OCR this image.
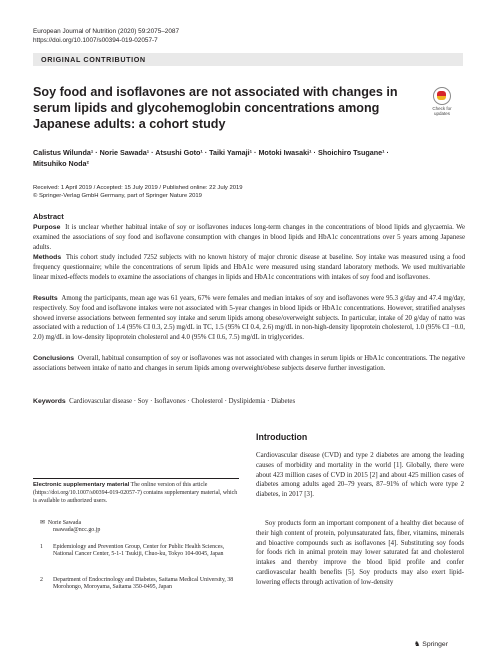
European Journal of Nutrition (2020) 59:2075–2087
https://doi.org/10.1007/s00394-019-02057-7
ORIGINAL CONTRIBUTION
Check for
updates
Soy food and isoflavones are not associated with changes in serum lipids and glycohemoglobin concentrations among Japanese adults: a cohort study
Calistus Wilunda¹ · Norie Sawada¹ · Atsushi Goto¹ · Taiki Yamaji¹ · Motoki Iwasaki¹ · Shoichiro Tsugane¹ ·
Mitsuhiko Noda²
Received: 1 April 2019 / Accepted: 15 July 2019 / Published online: 22 July 2019
© Springer-Verlag GmbH Germany, part of Springer Nature 2019
Abstract
Purpose It is unclear whether habitual intake of soy or isoflavones induces long-term changes in the concentrations of blood lipids and glycaemia. We examined the associations of soy food and isoflavone consumption with changes in blood lipids and HbA1c concentrations over 5 years among Japanese adults.
Methods This cohort study included 7252 subjects with no known history of major chronic disease at baseline. Soy intake was measured using a food frequency questionnaire; while the concentrations of serum lipids and HbA1c were measured using standard laboratory methods. We used multivariable linear mixed-effects models to examine the associations of changes in lipids and HbA1c concentrations with intakes of soy food and isoflavones.
Results Among the participants, mean age was 61 years, 67% were females and median intakes of soy and isoflavones were 95.3 g/day and 47.4 mg/day, respectively. Soy food and isoflavone intakes were not associated with 5-year changes in blood lipids or HbA1c concentrations. However, stratified analyses showed inverse associations between fermented soy intake and serum lipids among obese/overweight subjects. In particular, intake of 20 g/day of natto was associated with a reduction of 1.4 (95% CI 0.3, 2.5) mg/dL in TC, 1.5 (95% CI 0.4, 2.6) mg/dL in non-high-density lipoprotein cholesterol, 1.0 (95% CI −0.0, 2.0) mg/dL in low-density lipoprotein cholesterol and 4.0 (95% CI 0.6, 7.5) mg/dL in triglycerides.
Conclusions Overall, habitual consumption of soy or isoflavones was not associated with changes in serum lipids or HbA1c concentrations. The negative associations between intake of natto and changes in serum lipids among overweight/obese subjects deserve further investigation.
Keywords Cardiovascular disease · Soy · Isoflavones · Cholesterol · Dyslipidemia · Diabetes
Electronic supplementary material The online version of this article (https://doi.org/10.1007/s00394-019-02057-7) contains supplementary material, which is available to authorized users.
✉ Norie Sawada
nsawada@ncc.go.jp
1 Epidemiology and Prevention Group, Center for Public Health Sciences, National Cancer Center, 5-1-1 Tsukiji, Chuo-ku, Tokyo 104-0045, Japan
2 Department of Endocrinology and Diabetes, Saitama Medical University, 38 Morohongo, Moroyama, Saitama 350-0495, Japan
Introduction
Cardiovascular disease (CVD) and type 2 diabetes are among the leading causes of morbidity and mortality in the world [1]. Globally, there were about 423 million cases of CVD in 2015 [2] and about 425 million cases of diabetes among adults aged 20–79 years, 87–91% of which were type 2 diabetes, in 2017 [3].
Soy products form an important component of a healthy diet because of their high content of protein, polyunsaturated fats, fiber, vitamins, minerals and bioactive compounds such as isoflavones [4]. Substituting soy foods for foods rich in animal protein may lower saturated fat and cholesterol intakes and thereby improve the blood lipid profile and confer cardiovascular health benefits [5]. Soy products may also exert lipid-lowering effects through activation of low-density
♞ Springer
